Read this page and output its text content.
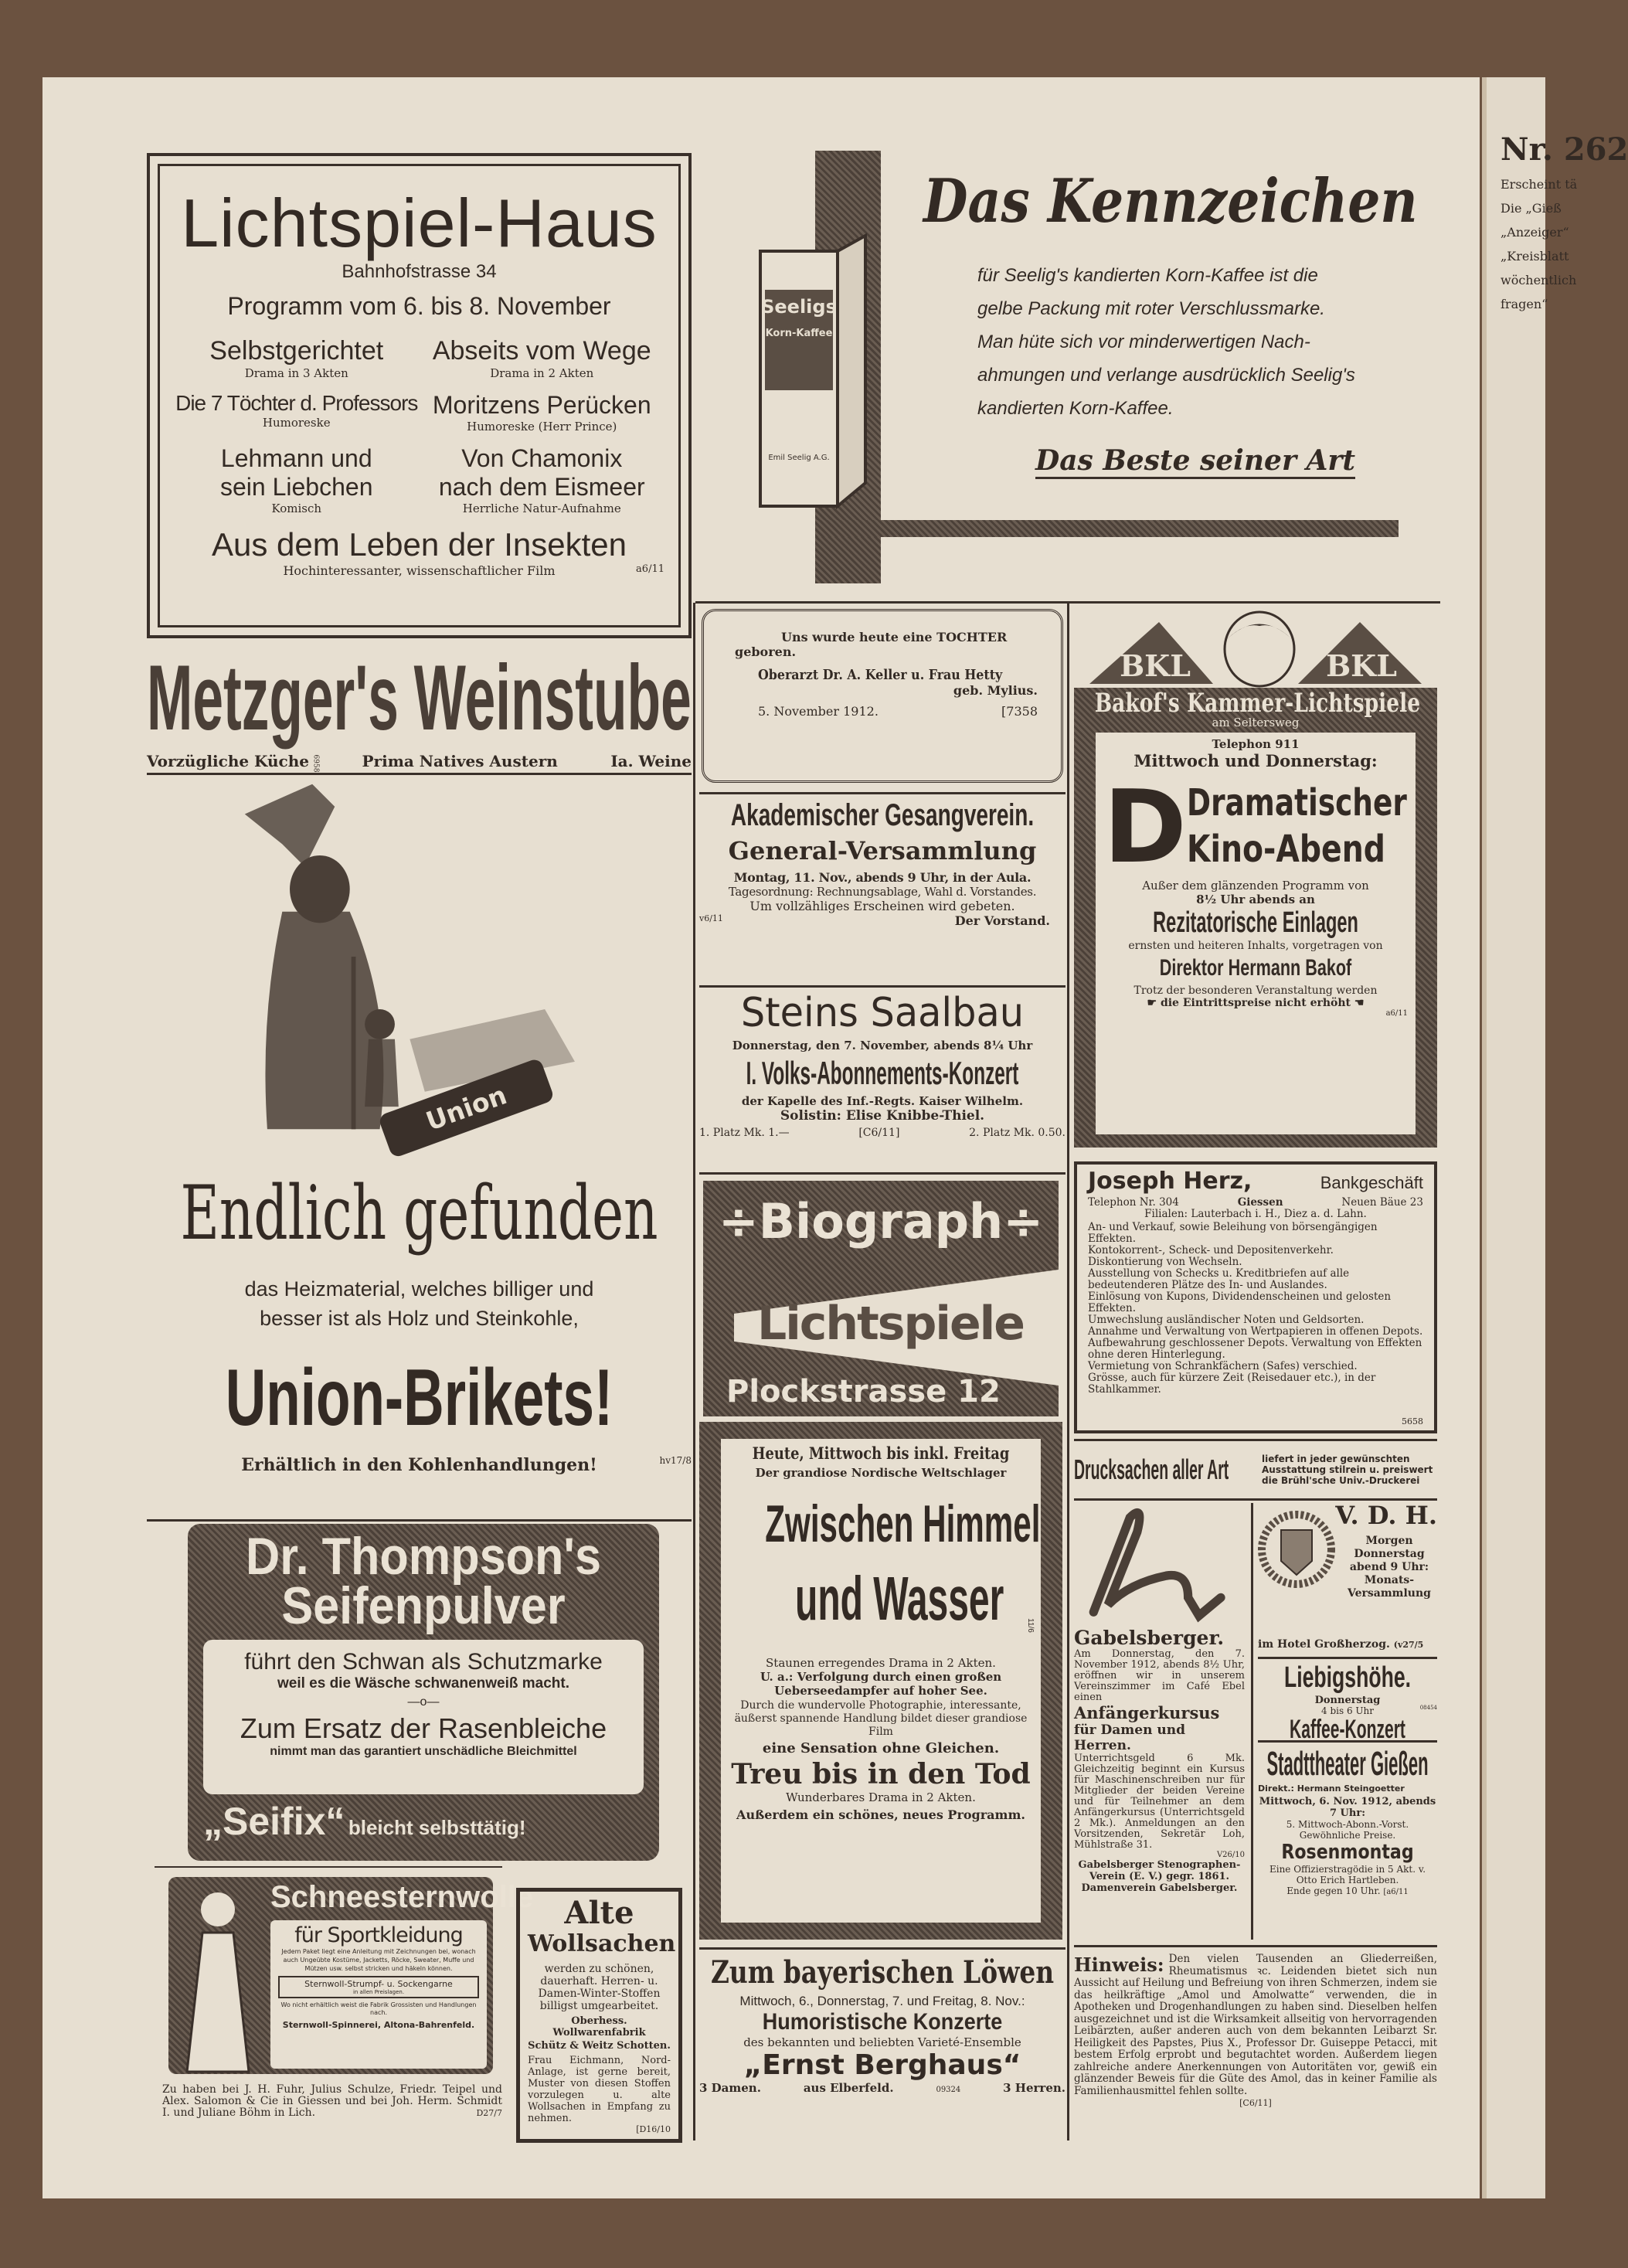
Nr. 262
Erscheint tä
Die „Gieß
„Anzeiger“
„Kreisblatt
wöchentlich
fragen“
Lichtspiel-Haus
Bahnhofstrasse 34
Programm vom 6. bis 8. November
Selbstgerichtet
Drama in 3 Akten
Abseits vom Wege
Drama in 2 Akten
Die 7 Töchter d. Professors
Humoreske
Moritzens Perücken
Humoreske (Herr Prince)
Lehmann und sein Liebchen
Komisch
Von Chamonix nach dem Eismeer
Herrliche Natur-Aufnahme
Aus dem Leben der Insekten
Hochinteressanter, wissenschaftlicher Film	a6/11
Metzger's Weinstube
Vorzügliche Küche	Prima Natives Austern	Ia. Weine
6958
Union
Endlich gefunden
das Heizmaterial, welches billiger und
besser ist als Holz und Steinkohle,
Union-Brikets!
Erhältlich in den Kohlenhandlungen!	hv17/8
Dr. Thompson's
Seifenpulver
führt den Schwan als Schutzmarke
weil es die Wäsche schwanenweiß macht.
—o—
Zum Ersatz der Rasenbleiche
nimmt man das garantiert unschädliche Bleichmittel
„Seifix“ bleicht selbsttätig!
Schneesternwolle
für Sportkleidung
Jedem Paket liegt eine Anleitung mit Zeichnungen bei, wonach auch Ungeübte Kostüme, Jacketts, Röcke, Sweater, Muffe und Mützen usw. selbst stricken und häkeln können.
Sternwoll-Strumpf- u. Sockengarne
in allen Preislagen.
Wo nicht erhältlich weist die Fabrik Grossisten und Handlungen nach.
Sternwoll-Spinnerei, Altona-Bahrenfeld.
Zu haben bei J. H. Fuhr, Julius Schulze, Friedr. Teipel und Alex. Salomon & Cie in Giessen und bei Joh. Herm. Schmidt I. und Juliane Böhm in Lich.	D27/7
Alte
Wollsachen
werden zu schönen, dauerhaft. Herren- u. Damen-Winter-Stoffen billigst umgearbeitet.
Oberhess. Wollwarenfabrik
Schütz & Weitz Schotten.
Frau Eichmann, Nord-Anlage, ist gerne bereit, Muster von diesen Stoffen vorzulegen u. alte Wollsachen in Empfang zu nehmen.
[D16/10
Seeligs
Korn-Kaffee
Emil Seelig A.G.
Das Kennzeichen
für Seelig's kandierten Korn-Kaffee ist die
gelbe Packung mit roter Verschlussmarke.
Man hüte sich vor minderwertigen Nach-
ahmungen und verlange ausdrücklich Seelig's
kandierten Korn-Kaffee.
Das Beste seiner Art
Uns wurde heute eine TOCHTER
geboren.
Oberarzt Dr. A. Keller u. Frau Hetty
geb. Mylius.
5. November 1912.	[7358
Akademischer Gesangverein.
General-Versammlung
Montag, 11. Nov., abends 9 Uhr, in der Aula.
Tagesordnung: Rechnungsablage, Wahl d. Vorstandes.
Um vollzähliges Erscheinen wird gebeten.
v6/11	Der Vorstand.
Steins Saalbau
Donnerstag, den 7. November, abends 8¼ Uhr
I. Volks-Abonnements-Konzert
der Kapelle des Inf.-Regts. Kaiser Wilhelm.
Solistin: Elise Knibbe-Thiel.
1. Platz Mk. 1.—	[C6/11]	2. Platz Mk. 0.50.
÷Biograph÷
Lichtspiele
Plockstrasse 12
Heute, Mittwoch bis inkl. Freitag
Der grandiose Nordische Weltschlager
Zwischen Himmel
und Wasser	11/6
Staunen erregendes Drama in 2 Akten.
U. a.: Verfolgung durch einen großen Ueberseedampfer auf hoher See.
Durch die wundervolle Photographie, interessante, äußerst spannende Handlung bildet dieser grandiose Film
eine Sensation ohne Gleichen.
Treu bis in den Tod
Wunderbares Drama in 2 Akten.
Außerdem ein schönes, neues Programm.
Zum bayerischen Löwen
Mittwoch, 6., Donnerstag, 7. und Freitag, 8. Nov.:
Humoristische Konzerte
des bekannten und beliebten Varieté-Ensemble
„Ernst Berghaus“
3 Damen.	aus Elberfeld.	09324	3 Herren.
BKL	BKL
Bakof's Kammer-Lichtspiele
am Seltersweg
Telephon 911
Mittwoch und Donnerstag:
D Dramatischer
Kino-Abend
Außer dem glänzenden Programm von
8½ Uhr abends an
Rezitatorische Einlagen
ernsten und heiteren Inhalts, vorgetragen von
Direktor Hermann Bakof
Trotz der besonderen Veranstaltung werden
☛ die Eintrittspreise nicht erhöht ☚
a6/11
Joseph Herz,	Bankgeschäft
Telephon Nr. 304	Giessen	Neuen Bäue 23
Filialen: Lauterbach i. H., Diez a. d. Lahn.
An- und Verkauf, sowie Beleihung von börsengängigen Effekten.
Kontokorrent-, Scheck- und Depositenverkehr.
Diskontierung von Wechseln.
Ausstellung von Schecks u. Kreditbriefen auf alle bedeutenderen Plätze des In- und Auslandes.
Einlösung von Kupons, Dividendenscheinen und gelosten Effekten.
Umwechslung ausländischer Noten und Geldsorten.
Annahme und Verwaltung von Wertpapieren in offenen Depots.
Aufbewahrung geschlossener Depots. Verwaltung von Effekten ohne deren Hinterlegung.
Vermietung von Schrankfächern (Safes) verschied. Grösse, auch für kürzere Zeit (Reisedauer etc.), in der Stahlkammer.
5658
Drucksachen aller Art	liefert in jeder gewünschten Ausstattung stilrein u. preiswert die Brühl'sche Univ.-Druckerei
Gabelsberger.
Am Donnerstag, den 7. November 1912, abends 8½ Uhr, eröffnen wir in unserem Vereinszimmer im Café Ebel einen
Anfängerkursus
für Damen und Herren.
Unterrichtsgeld 6 Mk. Gleichzeitig beginnt ein Kursus für Maschinenschreiben nur für Mitglieder der beiden Vereine und für Teilnehmer an dem Anfängerkursus (Unterrichtsgeld 2 Mk.). Anmeldungen an den Vorsitzenden, Sekretär Loh, Mühlstraße 31.
V26/10
Gabelsberger Stenographen-Verein (E. V.) gegr. 1861.
Damenverein Gabelsberger.
V. D. H.
Morgen Donnerstag abend 9 Uhr: Monats-Versammlung
im Hotel Großherzog. (v27/5
Liebigshöhe.
Donnerstag
4 bis 6 Uhr	08454
Kaffee-Konzert
Stadttheater Gießen
Direkt.: Hermann Steingoetter
Mittwoch, 6. Nov. 1912, abends 7 Uhr:
5. Mittwoch-Abonn.-Vorst.
Gewöhnliche Preise.
Rosenmontag
Eine Offizierstragödie in 5 Akt. v. Otto Erich Hartleben.
Ende gegen 10 Uhr. [a6/11
Hinweis: Den vielen Tausenden an Gliederreißen, Rheumatismus ꝛc. Leidenden bietet sich nun Aussicht auf Heilung und Befreiung von ihren Schmerzen, indem sie das heilkräftige „Amol und Amolwatte“ verwenden, die in Apotheken und Drogenhandlungen zu haben sind. Dieselben helfen ausgezeichnet und ist die Wirksamkeit allseitig von hervorragenden Leibärzten, außer anderen auch von dem bekannten Leibarzt Sr. Heiligkeit des Papstes, Pius X., Professor Dr. Guiseppe Petacci, mit bestem Erfolg erprobt und begutachtet worden. Außerdem liegen zahlreiche andere Anerkennungen von Autoritäten vor, gewiß ein glänzender Beweis für die Güte des Amol, das in keiner Familie als Familienhausmittel fehlen sollte.
[C6/11]
